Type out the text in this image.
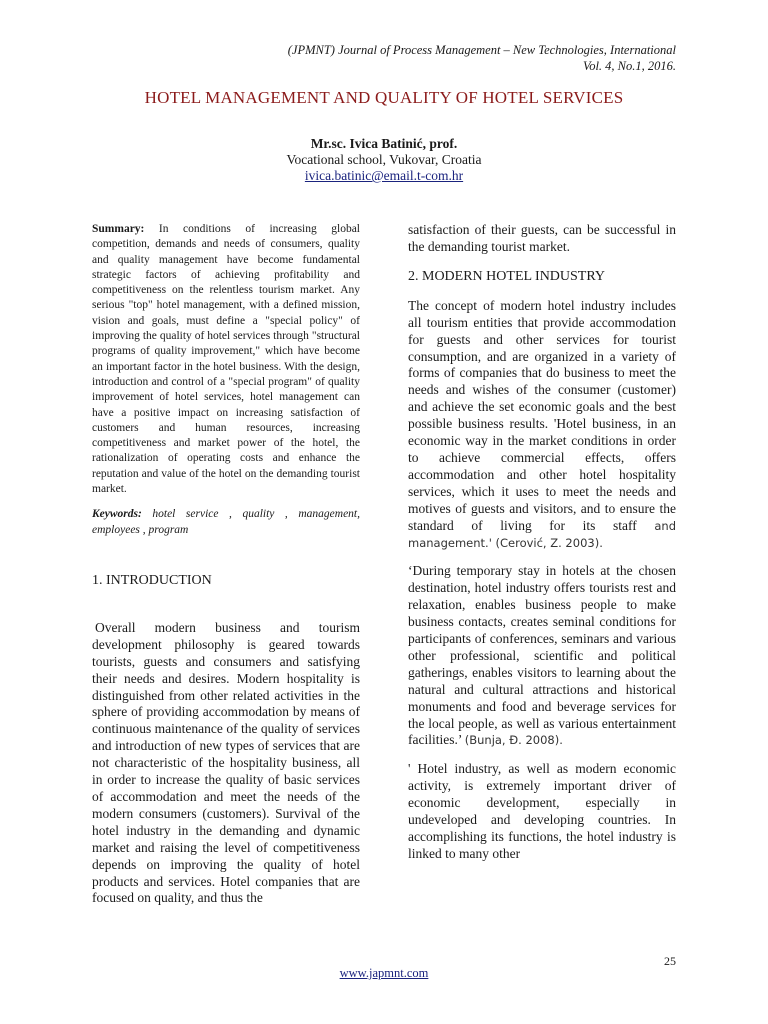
(JPMNT) Journal of Process Management – New Technologies, International
Vol. 4, No.1, 2016.
HOTEL MANAGEMENT AND QUALITY OF HOTEL SERVICES
Mr.sc. Ivica Batinić, prof.
Vocational school, Vukovar, Croatia
ivica.batinic@email.t-com.hr

Summary: In conditions of increasing global competition, demands and needs of consumers, quality and quality management have become fundamental strategic factors of achieving profitability and competitiveness on the relentless tourism market. Any serious "top" hotel management, with a defined mission, vision and goals, must define a "special policy" of improving the quality of hotel services through "structural programs of quality improvement," which have become an important factor in the hotel business. With the design, introduction and control of a "special program" of quality improvement of hotel services, hotel management can have a positive impact on increasing satisfaction of customers and human resources, increasing competitiveness and market power of the hotel, the rationalization of operating costs and enhance the reputation and value of the hotel on the demanding tourist market.

Keywords: hotel service , quality , management, employees , program

1. INTRODUCTION

Overall modern business and tourism development philosophy is geared towards tourists, guests and consumers and satisfying their needs and desires. Modern hospitality is distinguished from other related activities in the sphere of providing accommodation by means of continuous maintenance of the quality of services and introduction of new types of services that are not characteristic of the hospitality business, all in order to increase the quality of basic services of accommodation and meet the needs of the modern consumers (customers). Survival of the hotel industry in the demanding and dynamic market and raising the level of competitiveness depends on improving the quality of hotel products and services. Hotel companies that are focused on quality, and thus the

satisfaction of their guests, can be successful in the demanding tourist market.

2. MODERN HOTEL INDUSTRY

The concept of modern hotel industry includes all tourism entities that provide accommodation for guests and other services for tourist consumption, and are organized in a variety of forms of companies that do business to meet the needs and wishes of the consumer (customer) and achieve the set economic goals and the best possible business results. 'Hotel business, in an economic way in the market conditions in order to achieve commercial effects, offers accommodation and other hotel hospitality services, which it uses to meet the needs and motives of guests and visitors, and to ensure the standard of living for its staff and management.' (Cerović, Z. 2003).

‘During temporary stay in hotels at the chosen destination, hotel industry offers tourists rest and relaxation, enables business people to make business contacts, creates seminal conditions for participants of conferences, seminars and various other professional, scientific and political gatherings, enables visitors to learning about the natural and cultural attractions and historical monuments and food and beverage services for the local people, as well as various entertainment facilities.’ (Bunja, Đ. 2008).

' Hotel industry, as well as modern economic activity, is extremely important driver of economic development, especially in undeveloped and developing countries. In accomplishing its functions, the hotel industry is linked to many other

25
www.japmnt.com
